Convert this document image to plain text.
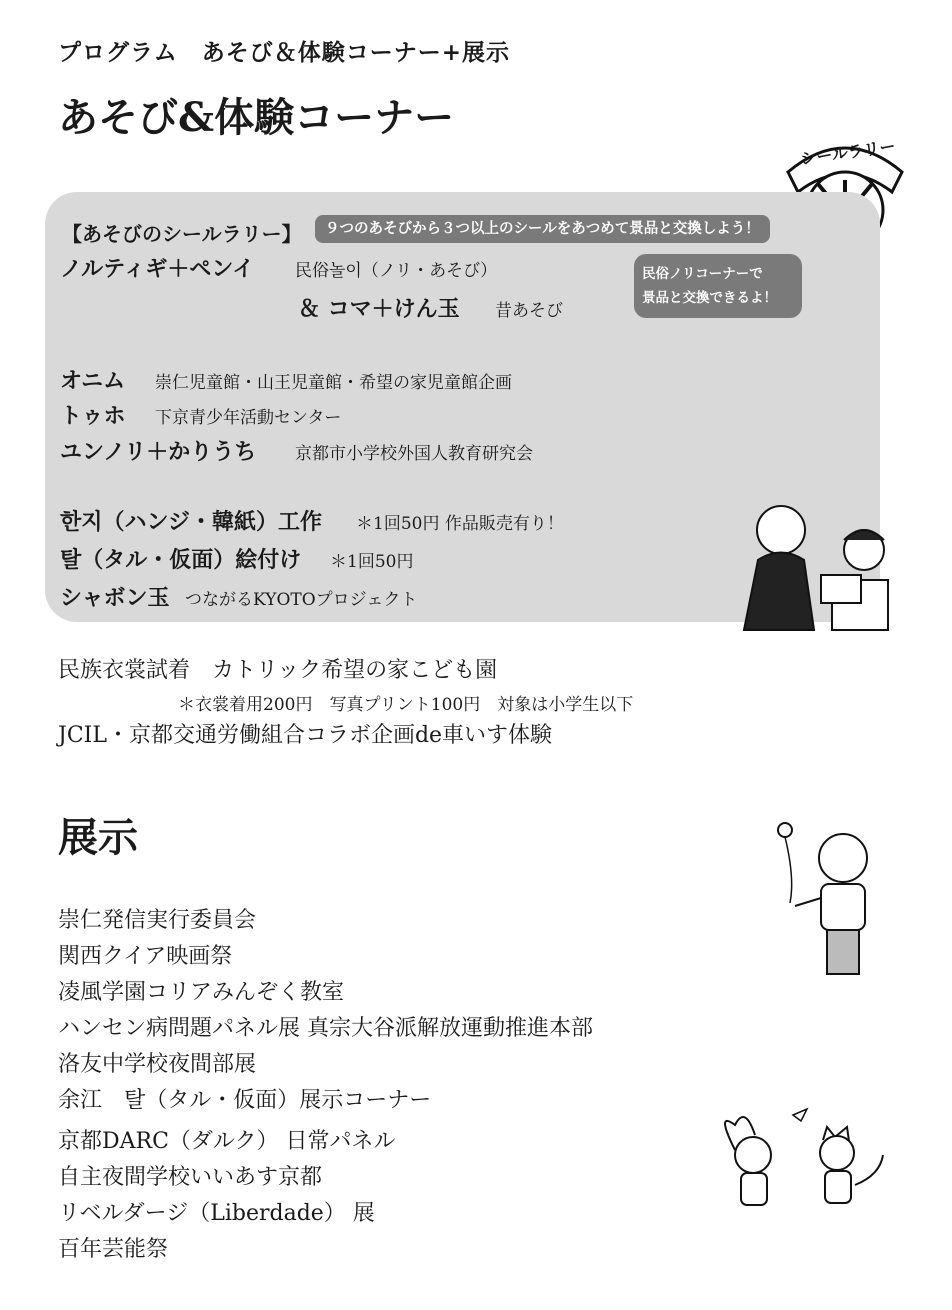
プログラム　あそび＆体験コーナー+展示
あそび&体験コーナー
シールラリー
【あそびのシールラリー】	９つのあそびから３つ以上のシールをあつめて景品と交換しよう！
民俗ノリコーナーで
景品と交換できるよ！
ノルティギ＋ペンイ 民俗놀이（ノリ・あそび）
＆ コマ＋けん玉 昔あそび
オニム 崇仁児童館・山王児童館・希望の家児童館企画
トゥホ 下京青少年活動センター
ユンノリ＋かりうち 京都市小学校外国人教育研究会
한지（ハンジ・韓紙）工作 ＊1回50円 作品販売有り！
탈（タル・仮面）絵付け ＊1回50円
シャボン玉 つながるKYOTOプロジェクト
民族衣裳試着　カトリック希望の家こども園
＊衣裳着用200円　写真プリント100円　対象は小学生以下
JCIL・京都交通労働組合コラボ企画de車いす体験
展示
崇仁発信実行委員会
関西クイア映画祭
凌風学園コリアみんぞく教室
ハンセン病問題パネル展 真宗大谷派解放運動推進本部
洛友中学校夜間部展
余江　탈（タル・仮面）展示コーナー
京都DARC（ダルク） 日常パネル
自主夜間学校いいあす京都
リベルダージ（Liberdade） 展
百年芸能祭
